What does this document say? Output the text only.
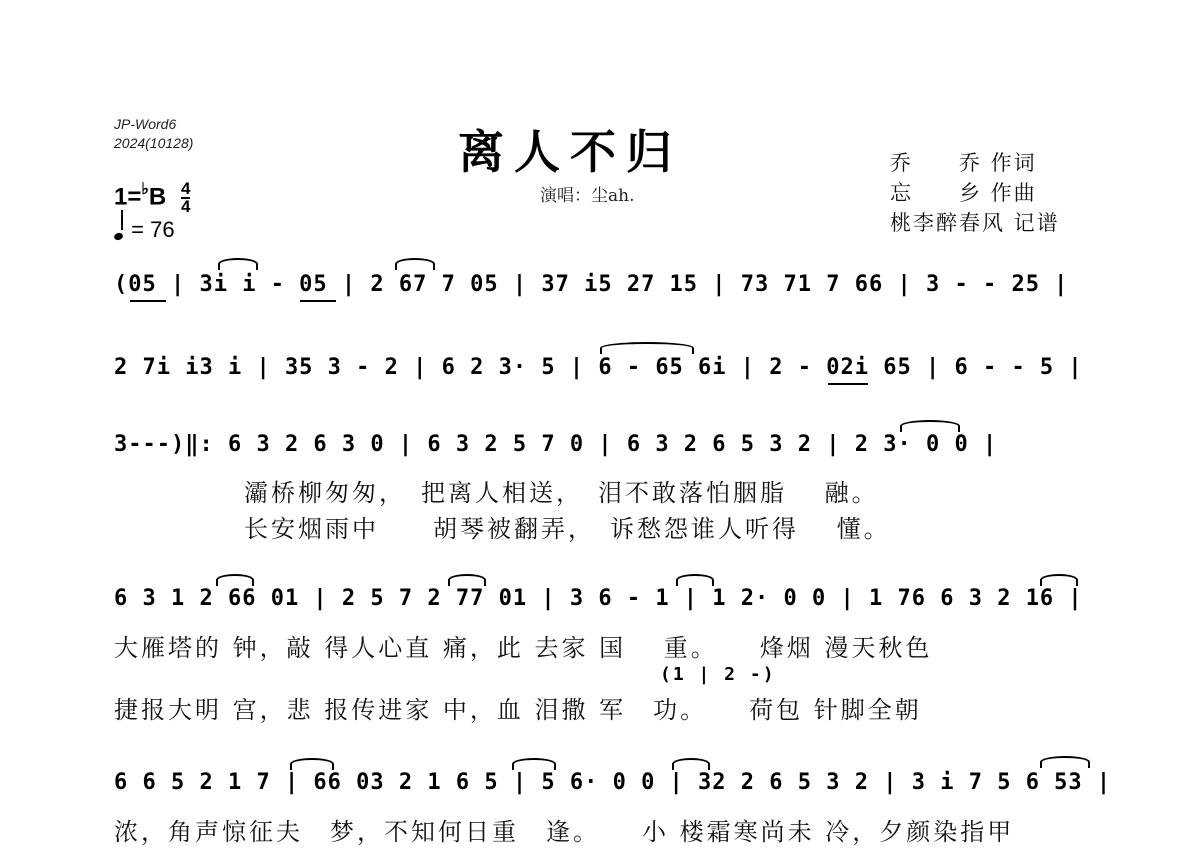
JP-Word6
2024(10128)	离人不归
演唱：尘ah.
乔　　乔 作词
忘　　乡 作曲
桃李醉春风 记谱
$1=^♭B \frac{4}{4}$
= 76
(05 | 3i i - 05 | 2 67 7 05 | 37 i5 27 15 | 73 71 7 66 | 3 - - 25 |
2 7i i3 i | 35 3 - 2 | 6 2 3· 5 | 6 - 65 6i | 2 - 02i 65 | 6 - - 5 |
3---)‖: 6 3 2 6 3 0 | 6 3 2 5 7 0 | 6 3 2 6 5 3 2 | 2 3· 0 0 |
灞桥柳匆匆，　把离人相送，　泪不敢落怕胭脂　 融。
长安烟雨中　　胡琴被翻弄，　诉愁怨谁人听得　 懂。
6 3 1 2 66 01 | 2 5 7 2 77 01 | 3 6 - 1 | 1 2· 0 0 | 1 76 6 3 2 16 |
大雁塔的 钟，敲 得人心直 痛，此 去家 国　 重。　　烽烟 漫天秋色
(1 | 2 -)
捷报大明 宫，悲 报传进家 中，血 泪撒 军　功。　　荷包 针脚全朝
6 6 5 2 1 7 | 66 03 2 1 6 5 | 5 6· 0 0 | 32 2 6 5 3 2 | 3 i 7 5 6 53 |
浓，角声惊征夫　梦，不知何日重　逢。　　小 楼霜寒尚未 冷，夕颜染指甲
